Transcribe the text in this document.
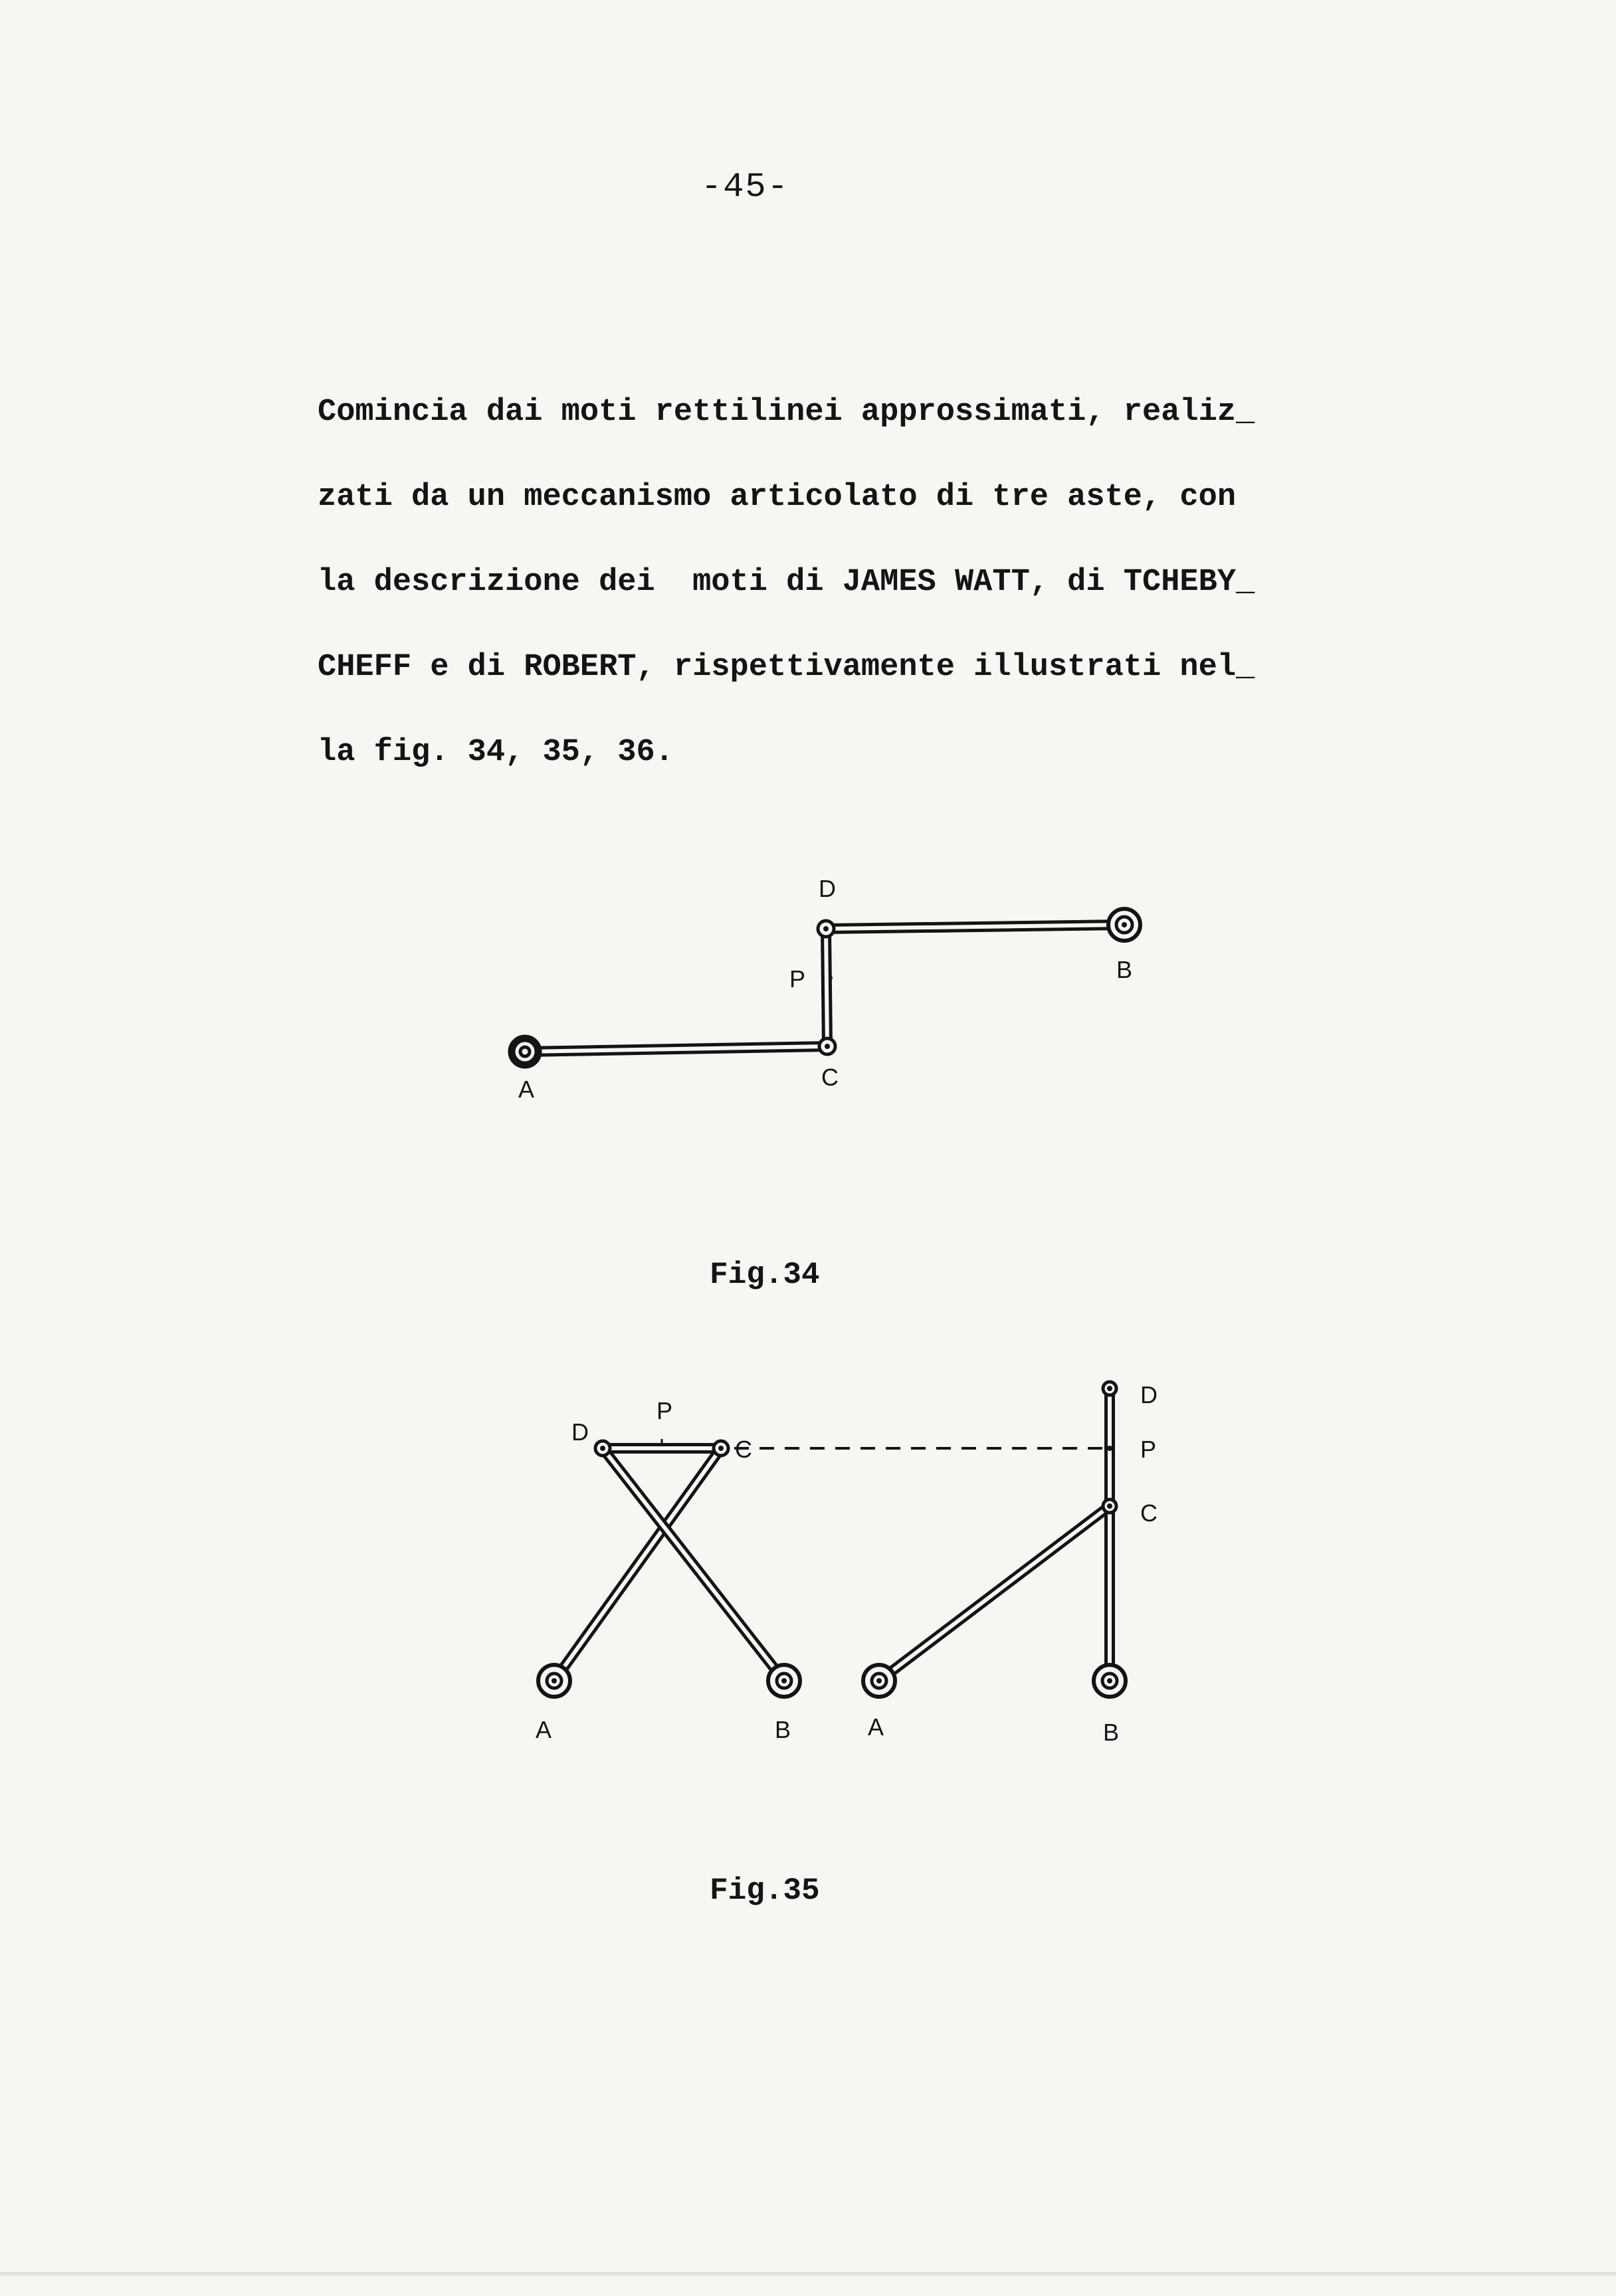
-45-
Comincia dai moti rettilinei approssimati, realiz_
zati da un meccanismo articolato di tre aste, con
la descrizione dei  moti di JAMES WATT, di TCHEBY_
CHEFF e di ROBERT, rispettivamente illustrati nel_
la fig. 34, 35, 36.
A
B
C
D
P
Fig.34
D
P
C
A	B
D
P
C
A	B
Fig.35
